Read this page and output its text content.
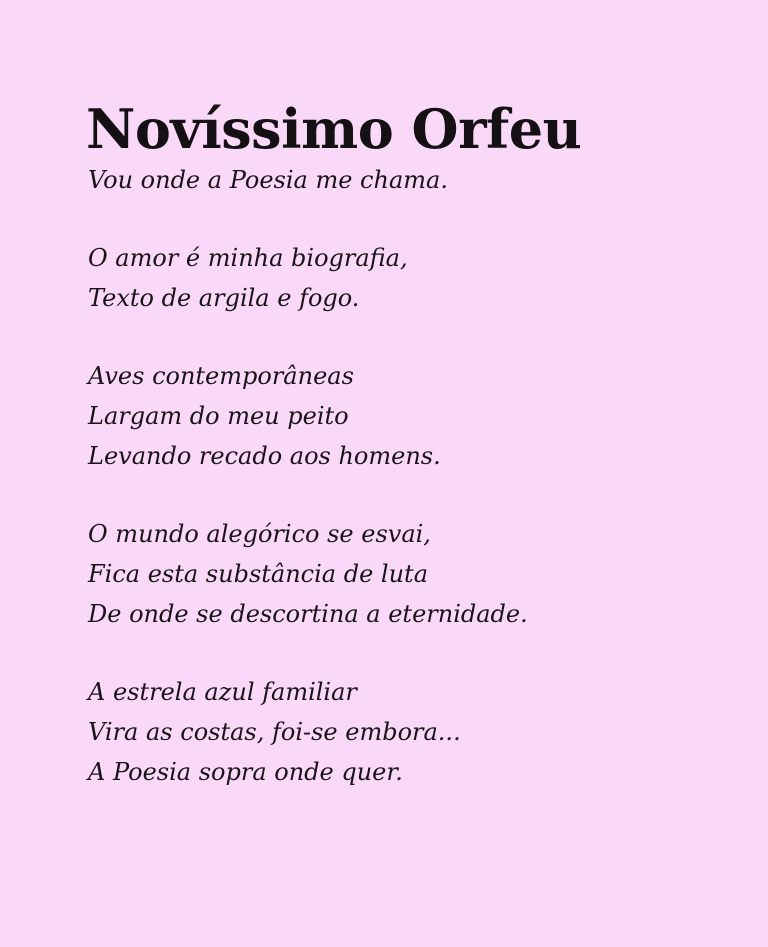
Novíssimo Orfeu
Vou onde a Poesia me chama.
O amor é minha biografia,
Texto de argila e fogo.
Aves contemporâneas
Largam do meu peito
Levando recado aos homens.
O mundo alegórico se esvai,
Fica esta substância de luta
De onde se descortina a eternidade.
A estrela azul familiar
Vira as costas, foi-se embora...
A Poesia sopra onde quer.
